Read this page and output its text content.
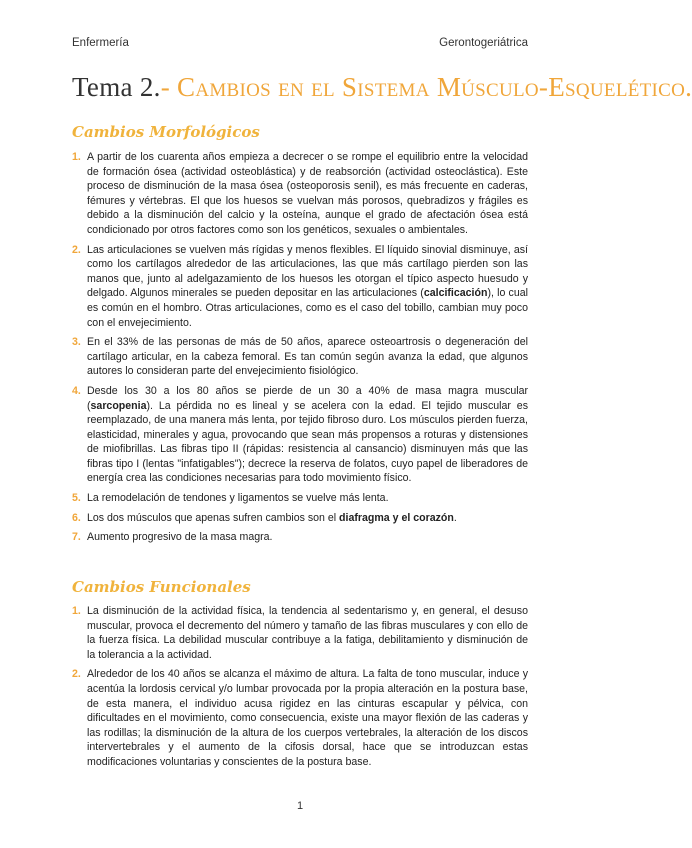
Enfermería	Gerontogeriátrica
Tema 2.- Cambios en el Sistema Músculo-Esquelético.
Cambios Morfológicos
1. A partir de los cuarenta años empieza a decrecer o se rompe el equilibrio entre la velocidad de formación ósea (actividad osteoblástica) y de reabsorción (actividad osteoclástica). Este proceso de disminución de la masa ósea (osteoporosis senil), es más frecuente en caderas, fémures y vértebras. El que los huesos se vuelvan más porosos, quebradizos y frágiles es debido a la disminución del calcio y la osteína, aunque el grado de afectación ósea está condicionado por otros factores como son los genéticos, sexuales o ambientales.
2. Las articulaciones se vuelven más rígidas y menos flexibles. El líquido sinovial disminuye, así como los cartílagos alrededor de las articulaciones, las que más cartílago pierden son las manos que, junto al adelgazamiento de los huesos les otorgan el típico aspecto huesudo y delgado. Algunos minerales se pueden depositar en las articulaciones (calcificación), lo cual es común en el hombro. Otras articulaciones, como es el caso del tobillo, cambian muy poco con el envejecimiento.
3. En el 33% de las personas de más de 50 años, aparece osteoartrosis o degeneración del cartílago articular, en la cabeza femoral. Es tan común según avanza la edad, que algunos autores lo consideran parte del envejecimiento fisiológico.
4. Desde los 30 a los 80 años se pierde de un 30 a 40% de masa magra muscular (sarcopenia). La pérdida no es lineal y se acelera con la edad. El tejido muscular es reemplazado, de una manera más lenta, por tejido fibroso duro. Los músculos pierden fuerza, elasticidad, minerales y agua, provocando que sean más propensos a roturas y distensiones de miofibrillas. Las fibras tipo II (rápidas: resistencia al cansancio) disminuyen más que las fibras tipo I (lentas "infatigables"); decrece la reserva de folatos, cuyo papel de liberadores de energía crea las condiciones necesarias para todo movimiento físico.
5. La remodelación de tendones y ligamentos se vuelve más lenta.
6. Los dos músculos que apenas sufren cambios son el diafragma y el corazón.
7. Aumento progresivo de la masa magra.
Cambios Funcionales
1. La disminución de la actividad física, la tendencia al sedentarismo y, en general, el desuso muscular, provoca el decremento del número y tamaño de las fibras musculares y con ello de la fuerza física. La debilidad muscular contribuye a la fatiga, debilitamiento y disminución de la tolerancia a la actividad.
2. Alrededor de los 40 años se alcanza el máximo de altura. La falta de tono muscular, induce y acentúa la lordosis cervical y/o lumbar provocada por la propia alteración en la postura base, de esta manera, el individuo acusa rigidez en las cinturas escapular y pélvica, con dificultades en el movimiento, como consecuencia, existe una mayor flexión de las caderas y las rodillas; la disminución de la altura de los cuerpos vertebrales, la alteración de los discos intervertebrales y el aumento de la cifosis dorsal, hace que se introduzcan estas modificaciones voluntarias y conscientes de la postura base.
1
